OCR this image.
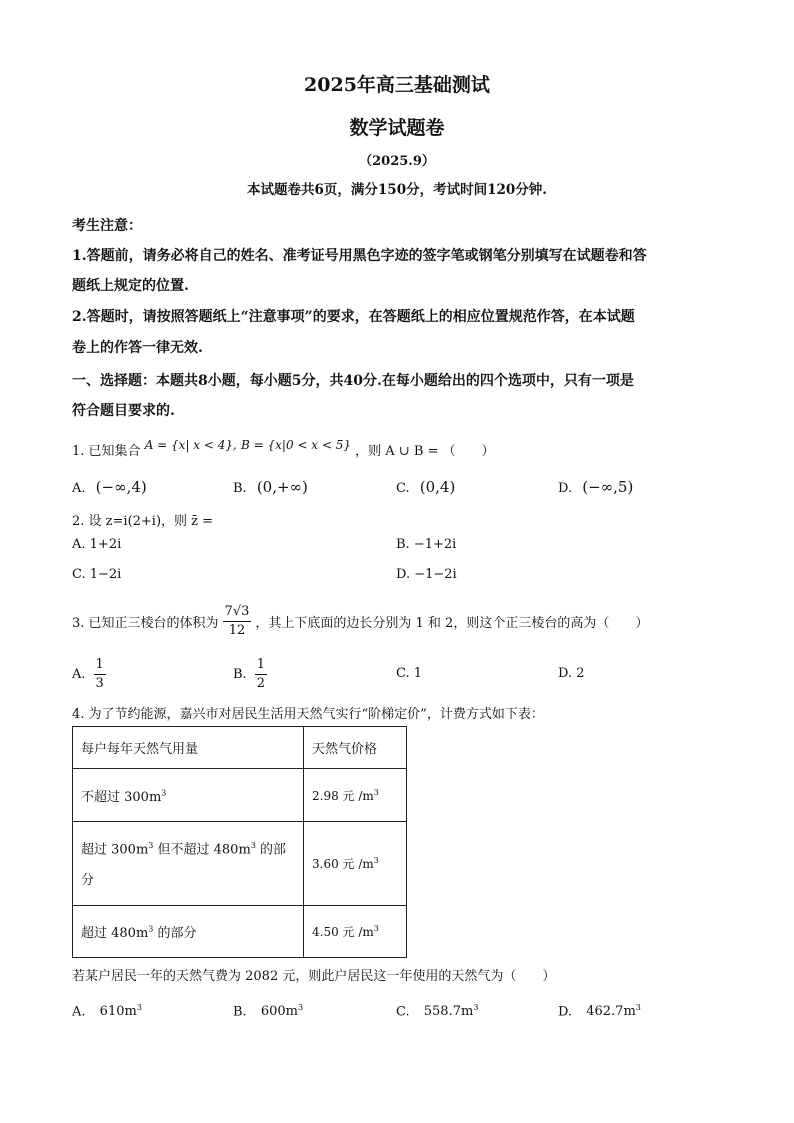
2025年高三基础测试
数学试题卷
（2025.9）
本试题卷共6页，满分150分，考试时间120分钟.
考生注意：
1.答题前，请务必将自己的姓名、准考证号用黑色字迹的签字笔或钢笔分别填写在试题卷和答
题纸上规定的位置.
2.答题时，请按照答题纸上“注意事项”的要求，在答题纸上的相应位置规范作答，在本试题
卷上的作答一律无效.
一、选择题：本题共8小题，每小题5分，共40分.在每小题给出的四个选项中，只有一项是
符合题目要求的.
1. 已知集合 A = {x| x < 4}, B = {x|0 < x < 5} ，则 A ∪ B = （　　）
A. (−∞,4)	B. (0,+∞)	C. (0,4)	D. (−∞,5)
2. 设 z=i(2+i)，则 z̄ =
A. 1+2i	B. −1+2i
C. 1−2i	D. −1−2i
3. 已知正三棱台的体积为 $\frac{7√3}{12}$ ，其上下底面的边长分别为 1 和 2，则这个正三棱台的高为（　　）
A. $\frac{1}{3}$	B. $\frac{1}{2}$	C. 1	D. 2
4. 为了节约能源，嘉兴市对居民生活用天然气实行“阶梯定价”，计费方式如下表：
每户每年天然气用量	天然气价格
不超过 $300m^3$	2.98 元 $/m^3$
超过 $300m^3$ 但不超过 $480m^3$ 的部
分	3.60 元 $/m^3$
超过 $480m^3$ 的部分	4.50 元 $/m^3$
若某户居民一年的天然气费为 2082 元，则此户居民这一年使用的天然气为（　　）
A. $610m^3$	B. $600m^3$	C. $558.7m^3$	D. $462.7m^3$
